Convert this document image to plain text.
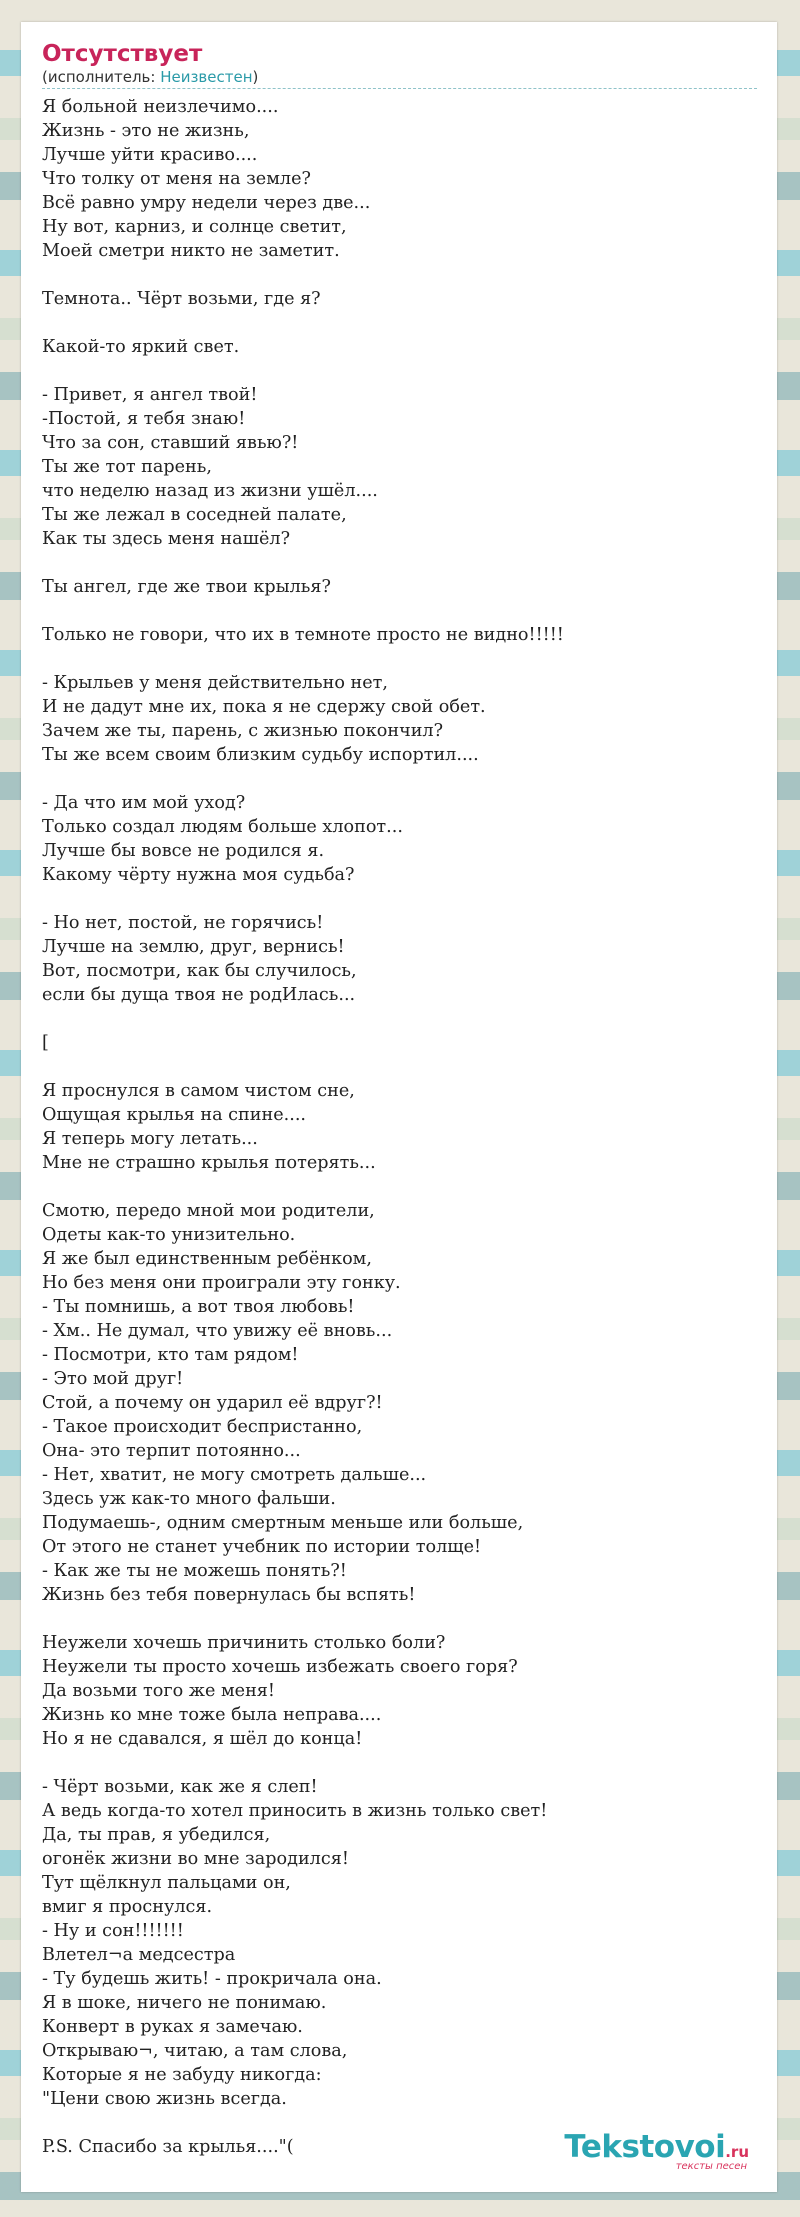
Отсутствует
(исполнитель: Неизвестен)
Я больной неизлечимо....
Жизнь - это не жизнь,
Лучше уйти красиво....
Что толку от меня на земле?
Всё равно умру недели через две...
Ну вот, карниз, и солнце светит,
Моей сметри никто не заметит.

Темнота.. Чёрт возьми, где я?

Какой-то яркий свет.

- Привет, я ангел твой!
-Постой, я тебя знаю!
Что за сон, ставший явью?!
Ты же тот парень,
что неделю назад из жизни ушёл....
Ты же лежал в соседней палате,
Как ты здесь меня нашёл?

Ты ангел, где же твои крылья?

Только не говори, что их в темноте просто не видно!!!!!

- Крыльев у меня действительно нет,
И не дадут мне их, пока я не сдержу свой обет.
Зачем же ты, парень, с жизнью покончил?
Ты же всем своим близким судьбу испортил....

- Да что им мой уход?
Только создал людям больше хлопот...
Лучше бы вовсе не родился я.
Какому чёрту нужна моя судьба?

- Но нет, постой, не горячись!
Лучше на землю, друг, вернись!
Вот, посмотри, как бы случилось,
если бы дуща твоя не родИлась...

[

Я проснулся в самом чистом сне,
Ощущая крылья на спине....
Я теперь могу летать...
Мне не страшно крылья потерять...

Смотю, передо мной мои родители,
Одеты как-то унизительно.
Я же был единственным ребёнком,
Но без меня они проиграли эту гонку.
- Ты помнишь, а вот твоя любовь!
- Хм.. Не думал, что увижу её вновь...
- Посмотри, кто там рядом!
- Это мой друг!
Стой, а почему он ударил её вдруг?!
- Такое происходит беспристанно,
Она- это терпит потоянно...
- Нет, хватит, не могу смотреть дальше...
Здесь уж как-то много фальши.
Подумаешь-, одним смертным меньше или больше,
От этого не станет учебник по истории толще!
- Как же ты не можешь понять?!
Жизнь без тебя повернулась бы вспять!

Неужели хочешь причинить столько боли?
Неужели ты просто хочешь избежать своего горя?
Да возьми того же меня!
Жизнь ко мне тоже была неправа....
Но я не сдавался, я шёл до конца!

- Чёрт возьми, как же я слеп!
А ведь когда-то хотел приносить в жизнь только свет!
Да, ты прав, я убедился,
огонёк жизни во мне зародился!
Тут щёлкнул пальцами он,
вмиг я проснулся.
- Ну и сон!!!!!!!
Влетел¬а медсестра
- Ту будешь жить! - прокричала она.
Я в шоке, ничего не понимаю.
Конверт в руках я замечаю.
Открываю¬, читаю, а там слова,
Которые я не забуду никогда:
"Цени свою жизнь всегда.

P.S. Спасибо за крылья...."(	Tekstovoi.ru
тексты песен
